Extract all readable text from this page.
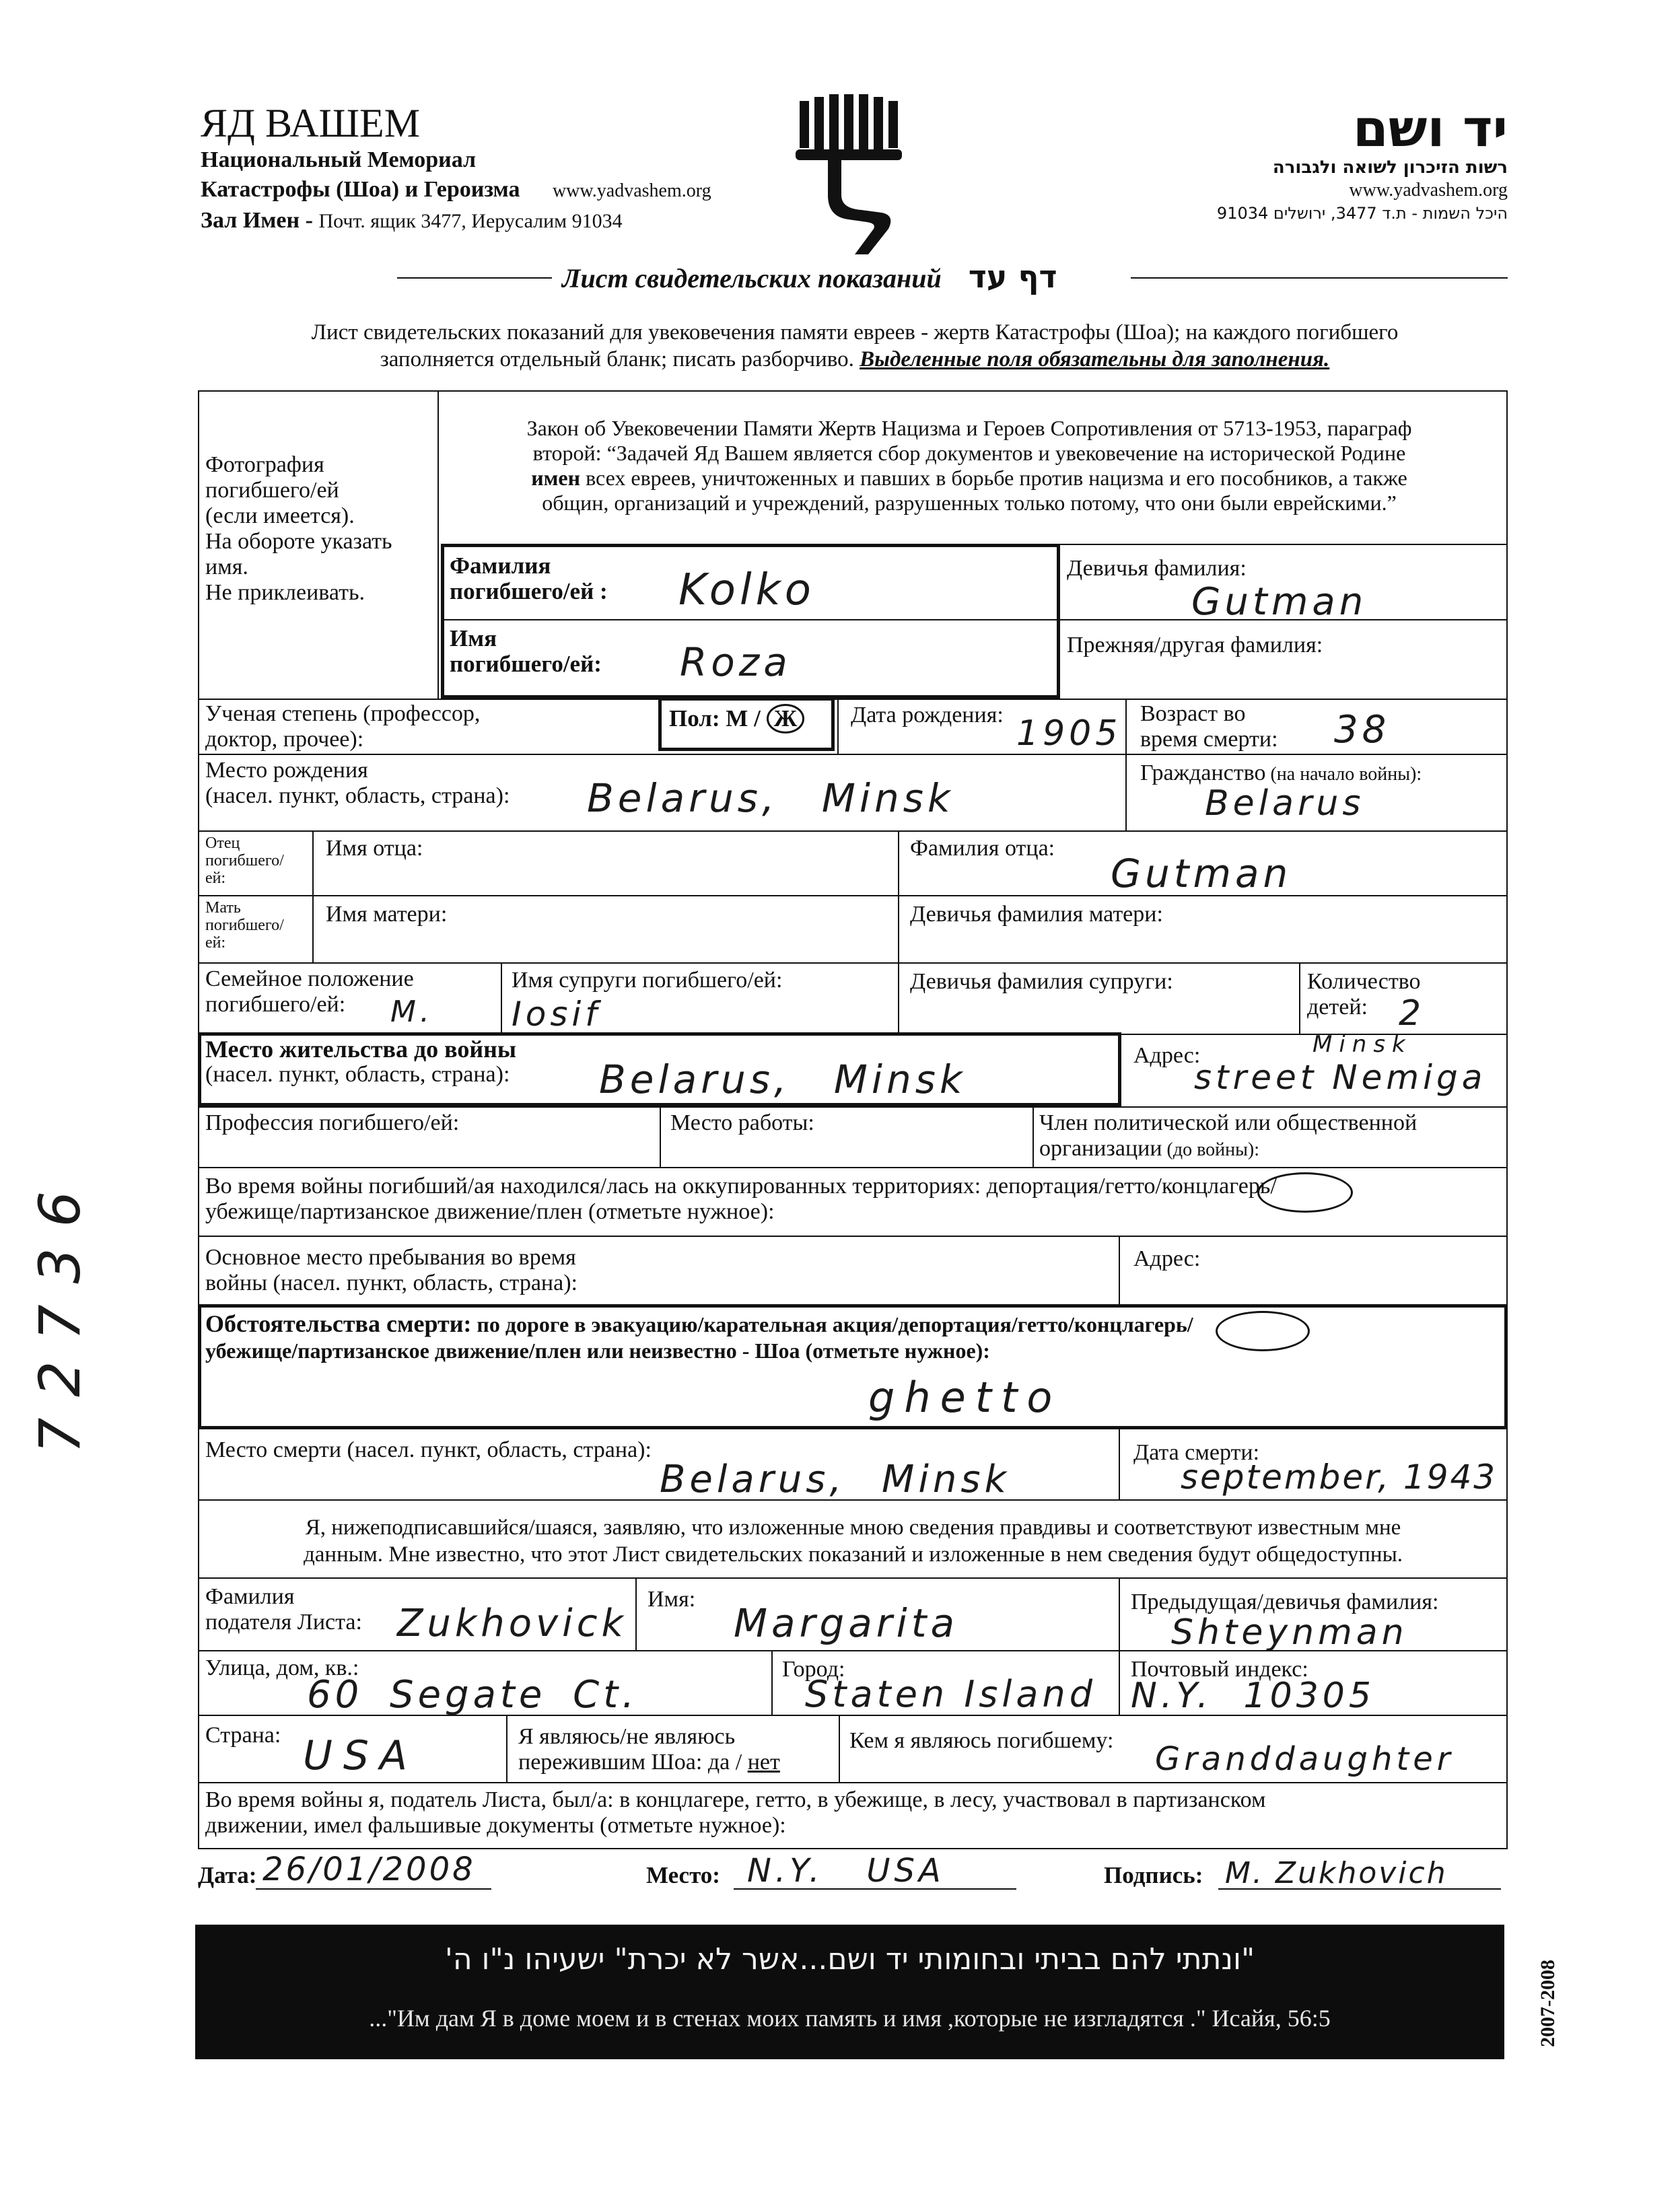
ЯД ВАШЕМ
Национальный Мемориал
Катастрофы (Шоа) и Героизма www.yadvashem.org
Зал Имен - Почт. ящик 3477, Иерусалим 91034
יד ושם
רשות הזיכרון לשואה ולגבורה
www.yadvashem.org
היכל השמות - ת.ד 3477, ירושלים 91034
Лист свидетельских показаний דף עד
Лист свидетельских показаний для увековечения памяти евреев - жертв Катастрофы (Шоа); на каждого погибшего
заполняется отдельный бланк; писать разборчиво. Выделенные поля обязательны для заполнения.
Фотография
погибшего/ей
(если имеется).
На обороте указать
имя.
Не приклеивать.
Закон об Увековечении Памяти Жертв Нацизма и Героев Сопротивления от 5713-1953, параграф
второй: “Задачей Яд Вашем является сбор документов и увековечение на исторической Родине
имен всех евреев, уничтоженных и павших в борьбе против нацизма и его пособников, а также
общин, организаций и учреждений, разрушенных только потому, что они были еврейскими.”
Фамилия
погибшего/ей : Kolko	Девичья фамилия:
Gutman
Имя
погибшего/ей: Roza	Прежняя/другая фамилия:
Ученая степень (профессор,
доктор, прочее):
Пол: М / Ж	Дата рождения: 1905 Возраст во
время смерти: 38
Место рождения
(насел. пункт, область, страна): Belarus, Minsk
Гражданство (на начало войны):
Belarus
Отец
погибшего/
ей:
Имя отца:	Фамилия отца:
Gutman
Мать
погибшего/
ей:
Имя матери:	Девичья фамилия матери:
Семейное положение
погибшего/ей:	M.
Имя супруги погибшего/ей:
Iosif
Девичья фамилия супруги:	Количество
детей: 2
Место жительства до войны
(насел. пункт, область, страна): Belarus, Minsk
Адрес:	Minsk
street Nemiga
Профессия погибшего/ей:	Место работы:	Член политической или общественной
организации (до войны):
Во время войны погибший/ая находился/лась на оккупированных территориях: депортация/гетто/концлагерь/
убежище/партизанское движение/плен (отметьте нужное):
Основное место пребывания во время
войны (насел. пункт, область, страна):
Адрес:
Обстоятельства смерти: по дороге в эвакуацию/карательная акция/депортация/гетто/концлагерь/
убежище/партизанское движение/плен или неизвестно - Шоа (отметьте нужное):
ghetto
Место смерти (насел. пункт, область, страна):
Belarus, Minsk
Дата смерти:
september, 1943
Я, нижеподписавшийся/шаяся, заявляю, что изложенные мною сведения правдивы и соответствуют известным мне
данным. Мне известно, что этот Лист свидетельских показаний и изложенные в нем сведения будут общедоступны.
Фамилия
подателя Листа: Zukhovick
Имя:
Margarita	Предыдущая/девичья фамилия:
Shteynman
Улица, дом, кв.:
60 Segate Ct.
Город:
Staten Island
Почтовый индекс:
N.Y. 10305
Страна: USA	Я являюсь/не являюсь
пережившим Шоа: да / нет
Кем я являюсь погибшему: Granddaughter
Во время войны я, податель Листа, был/а: в концлагере, гетто, в убежище, в лесу, участвовал в партизанском
движении, имел фальшивые документы (отметьте нужное):
Дата: 26/01/2008	Место: N.Y.   USA	Подпись: M. Zukhovich
"ונתתי להם בביתי ובחומותי יד ושם...אשר לא יכרת" ישעיהו נ"ו ה'
..."Им дам Я в доме моем и в стенах моих память и имя ,которые не изгладятся ." Исайя, 56:5	2007-2008
7 2 7 3 6
